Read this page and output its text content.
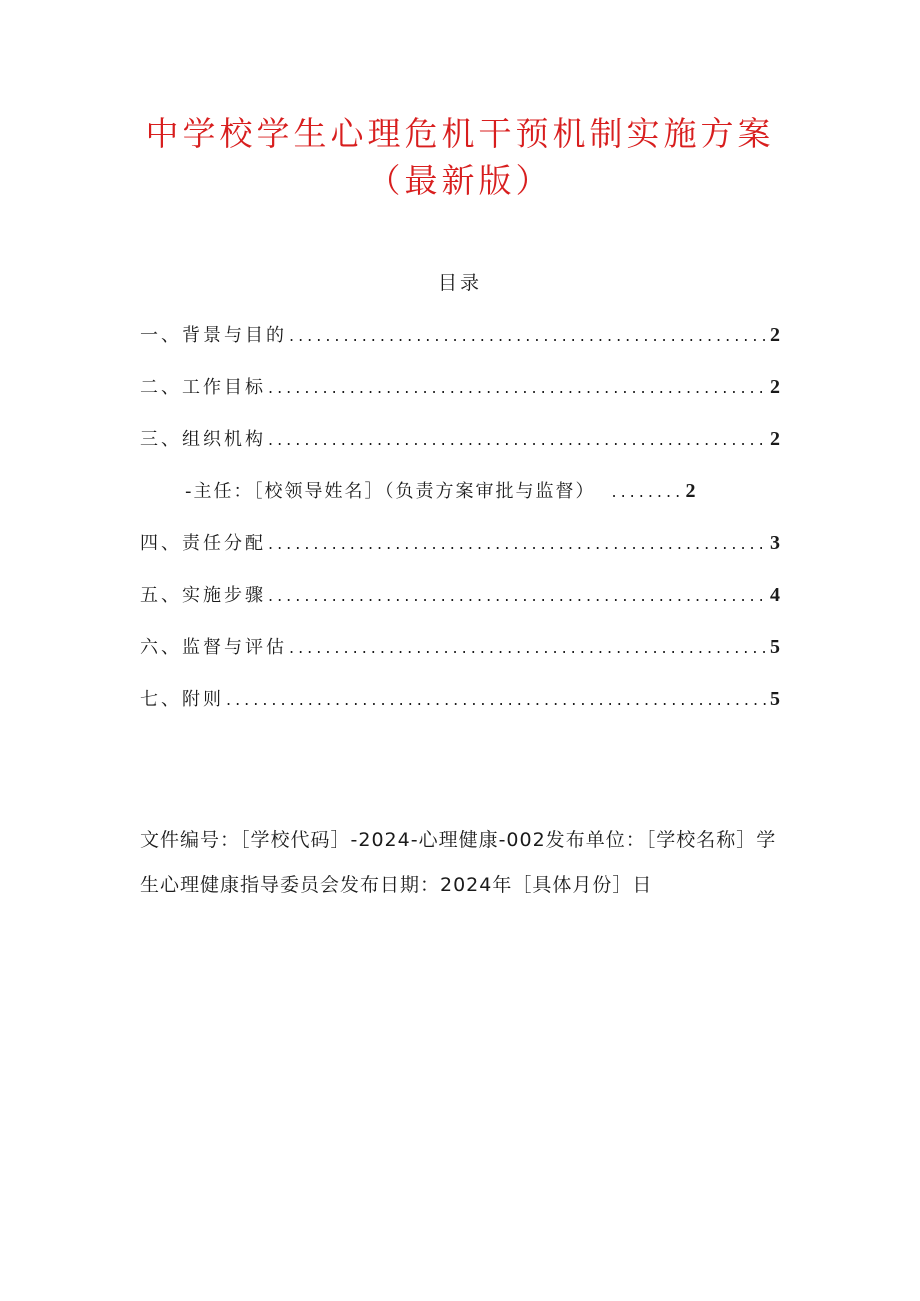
中学校学生心理危机干预机制实施方案
（最新版）
目录
一、背景与目的 .....	2
二、工作目标 .....	2
三、组织机构 .....	2
-主任：［校领导姓名］（负责方案审批与监督） .....	2
四、责任分配 .....	3
五、实施步骤 .....	4
六、监督与评估 .....	5
七、附则 .....	5

文件编号：［学校代码］-2024-心理健康-002发布单位：［学校名称］学生心理健康指导委员会发布日期：2024年［具体月份］日
